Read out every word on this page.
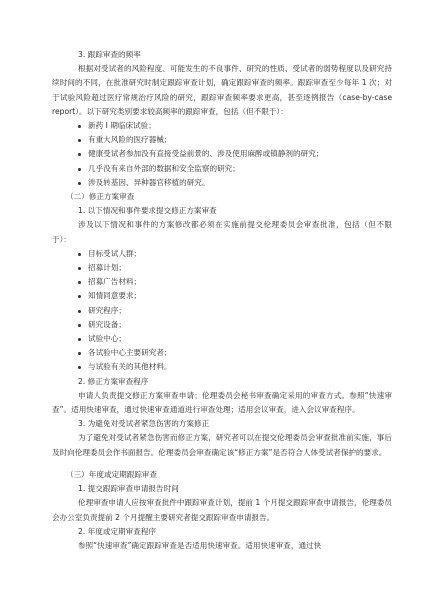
3. 跟踪审查的频率
根据对受试者的风险程度、可能发生的不良事件、研究的性质、受试者的弱势程度以及研究持续时间的不同，在批准研究时制定跟踪审查计划，确定跟踪审查的频率。跟踪审查至少每年 1 次；对于试验风险超过医疗常规治疗风险的研究，跟踪审查频率要求更高，甚至逐例报告（case-by-case report）。以下研究类别要求较高频率的跟踪审查，包括（但不限于）：
新药 I 期临床试验；
有重大风险的医疗器械；
健康受试者参加没有直接受益前景的、涉及使用麻醉或镇静剂的研究；
几乎没有来自外部的数据和安全监察的研究；
涉及转基因、异种器官移植的研究。
（二）修正方案审查
1. 以下情况和事件要求提交修正方案审查
涉及以下情况和事件的方案修改都必须在实施前提交伦理委员会审查批准，包括（但不限于）：
目标受试人群；
招募计划；
招募广告材料；
知情同意要求；
研究程序；
研究设备；
试验中心；
各试验中心主要研究者；
与试验有关的其他材料。
2. 修正方案审查程序
申请人负责提交修正方案审查申请；伦理委员会秘书审查确定采用的审查方式。参照“快速审查”。适用快速审查，通过快速审查通道进行审查处理；适用会议审查，进入会议审查程序。
3. 为避免对受试者紧急伤害的方案修正
为了避免对受试者紧急伤害而修正方案，研究者可以在提交伦理委员会审查批准前实施，事后及时向伦理委员会作书面报告。伦理委员会审查确定该“修正方案”是否符合人体受试者保护的要求。
（三）年度或定期跟踪审查
1. 提交跟踪审查申请报告时间
伦理审查申请人应按审查批件中跟踪审查计划，提前 1 个月提交跟踪审查申请报告，伦理委员会办公室负责提前 2 个月提醒主要研究者提交跟踪审查申请报告。
2. 年度或定期审查程序
参照“快速审查”确定跟踪审查是否适用快速审查。适用快速审查，通过快
